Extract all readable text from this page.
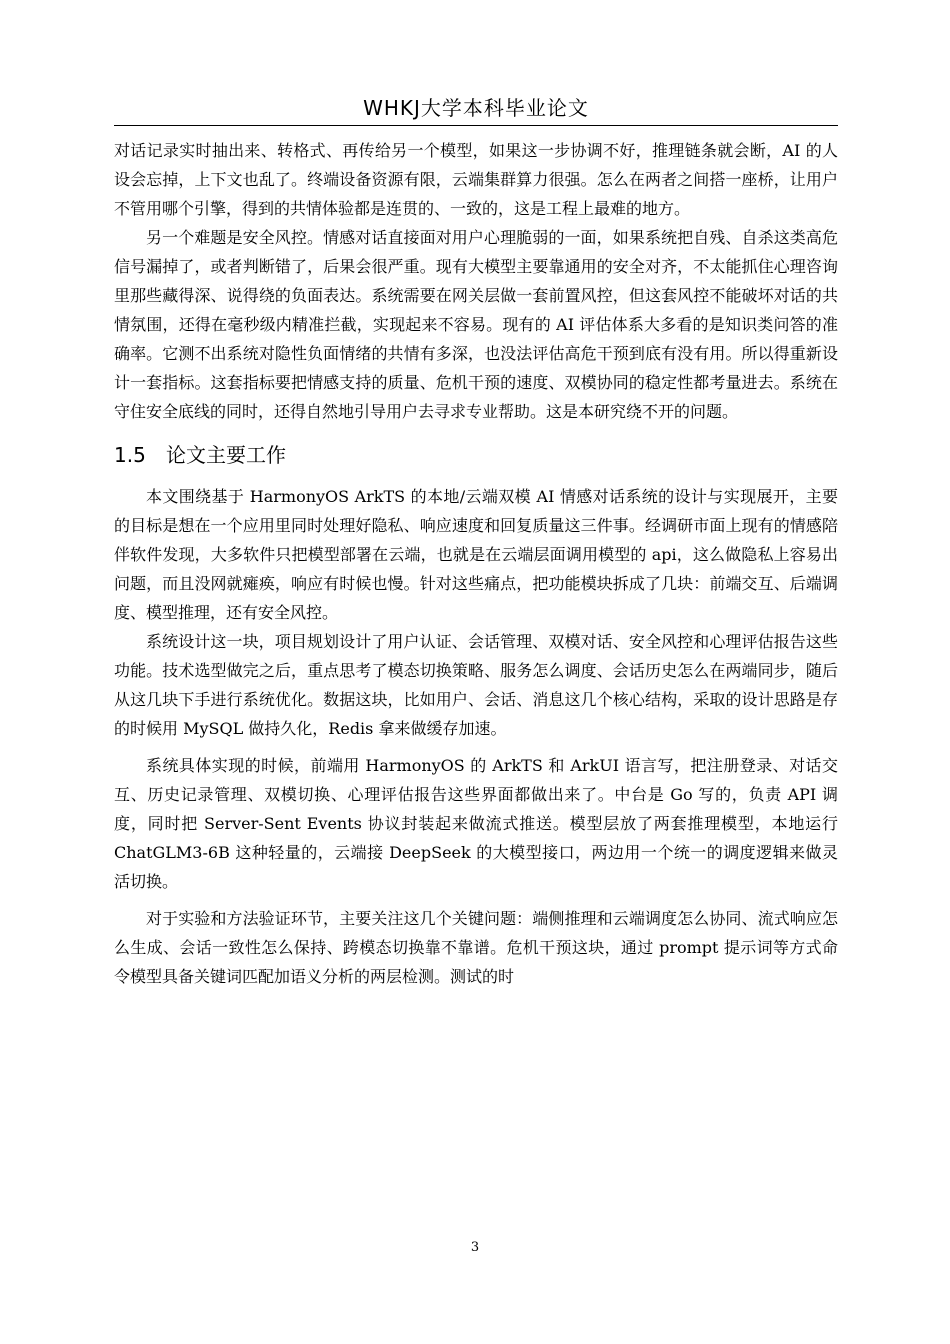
WHKJ大学本科毕业论文

对话记录实时抽出来、转格式、再传给另一个模型，如果这一步协调不好，推理链条就会断，AI 的人设会忘掉，上下文也乱了。终端设备资源有限，云端集群算力很强。怎么在两者之间搭一座桥，让用户不管用哪个引擎，得到的共情体验都是连贯的、一致的，这是工程上最难的地方。

另一个难题是安全风控。情感对话直接面对用户心理脆弱的一面，如果系统把自残、自杀这类高危信号漏掉了，或者判断错了，后果会很严重。现有大模型主要靠通用的安全对齐，不太能抓住心理咨询里那些藏得深、说得绕的负面表达。系统需要在网关层做一套前置风控，但这套风控不能破坏对话的共情氛围，还得在毫秒级内精准拦截，实现起来不容易。现有的 AI 评估体系大多看的是知识类问答的准确率。它测不出系统对隐性负面情绪的共情有多深，也没法评估高危干预到底有没有用。所以得重新设计一套指标。这套指标要把情感支持的质量、危机干预的速度、双模协同的稳定性都考量进去。系统在守住安全底线的同时，还得自然地引导用户去寻求专业帮助。这是本研究绕不开的问题。

1.5 论文主要工作

本文围绕基于 HarmonyOS ArkTS 的本地/云端双模 AI 情感对话系统的设计与实现展开，主要的目标是想在一个应用里同时处理好隐私、响应速度和回复质量这三件事。经调研市面上现有的情感陪伴软件发现，大多软件只把模型部署在云端，也就是在云端层面调用模型的 api，这么做隐私上容易出问题，而且没网就瘫痪，响应有时候也慢。针对这些痛点，把功能模块拆成了几块：前端交互、后端调度、模型推理，还有安全风控。

系统设计这一块，项目规划设计了用户认证、会话管理、双模对话、安全风控和心理评估报告这些功能。技术选型做完之后，重点思考了模态切换策略、服务怎么调度、会话历史怎么在两端同步，随后从这几块下手进行系统优化。数据这块，比如用户、会话、消息这几个核心结构，采取的设计思路是存的时候用 MySQL 做持久化，Redis 拿来做缓存加速。

系统具体实现的时候，前端用 HarmonyOS 的 ArkTS 和 ArkUI 语言写，把注册登录、对话交互、历史记录管理、双模切换、心理评估报告这些界面都做出来了。中台是 Go 写的，负责 API 调度，同时把 Server-Sent Events 协议封装起来做流式推送。模型层放了两套推理模型，本地运行 ChatGLM3-6B 这种轻量的，云端接 DeepSeek 的大模型接口，两边用一个统一的调度逻辑来做灵活切换。

对于实验和方法验证环节，主要关注这几个关键问题：端侧推理和云端调度怎么协同、流式响应怎么生成、会话一致性怎么保持、跨模态切换靠不靠谱。危机干预这块，通过 prompt 提示词等方式命令模型具备关键词匹配加语义分析的两层检测。测试的时

3
